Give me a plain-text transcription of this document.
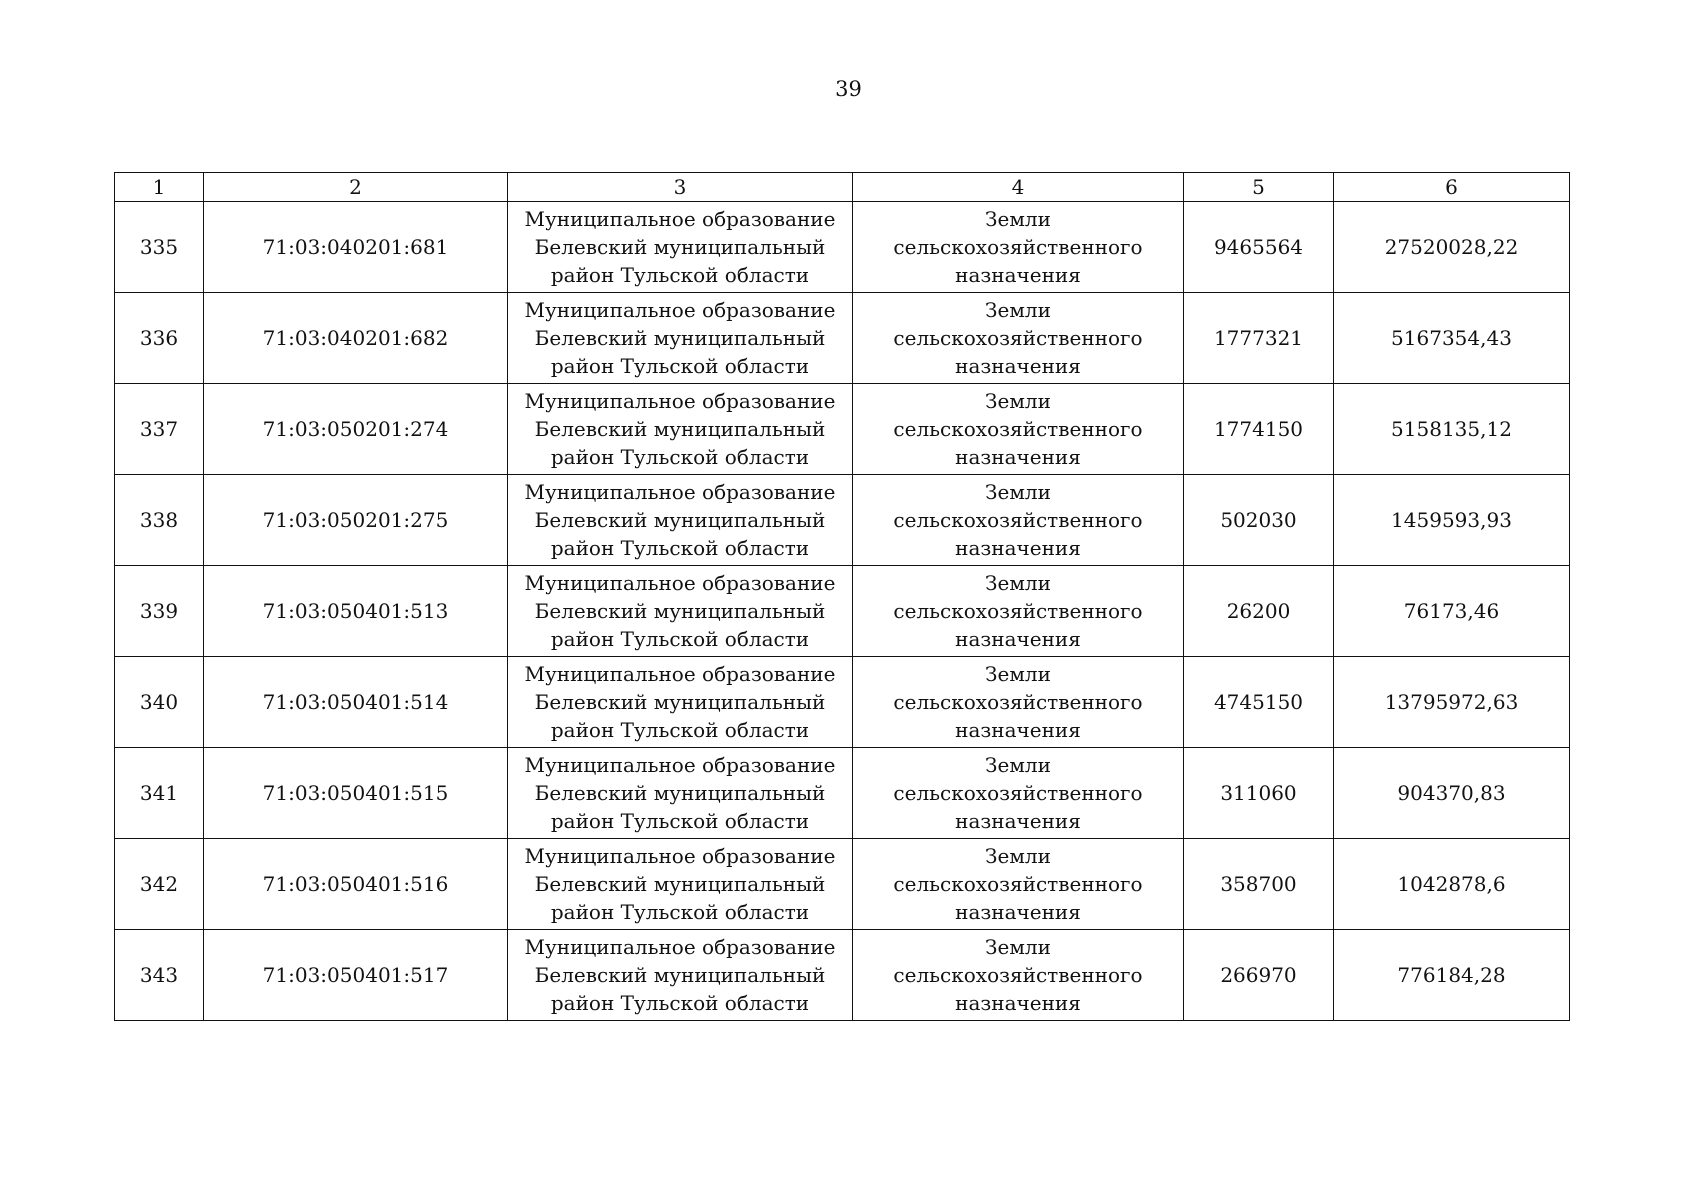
39
1	2	3	4	5	6
335	71:03:040201:681	Муниципальное образование
Белевский муниципальный
район Тульской области	Земли
сельскохозяйственного
назначения	9465564	27520028,22
336	71:03:040201:682	Муниципальное образование
Белевский муниципальный
район Тульской области	Земли
сельскохозяйственного
назначения	1777321	5167354,43
337	71:03:050201:274	Муниципальное образование
Белевский муниципальный
район Тульской области	Земли
сельскохозяйственного
назначения	1774150	5158135,12
338	71:03:050201:275	Муниципальное образование
Белевский муниципальный
район Тульской области	Земли
сельскохозяйственного
назначения	502030	1459593,93
339	71:03:050401:513	Муниципальное образование
Белевский муниципальный
район Тульской области	Земли
сельскохозяйственного
назначения	26200	76173,46
340	71:03:050401:514	Муниципальное образование
Белевский муниципальный
район Тульской области	Земли
сельскохозяйственного
назначения	4745150	13795972,63
341	71:03:050401:515	Муниципальное образование
Белевский муниципальный
район Тульской области	Земли
сельскохозяйственного
назначения	311060	904370,83
342	71:03:050401:516	Муниципальное образование
Белевский муниципальный
район Тульской области	Земли
сельскохозяйственного
назначения	358700	1042878,6
343	71:03:050401:517	Муниципальное образование
Белевский муниципальный
район Тульской области	Земли
сельскохозяйственного
назначения	266970	776184,28
